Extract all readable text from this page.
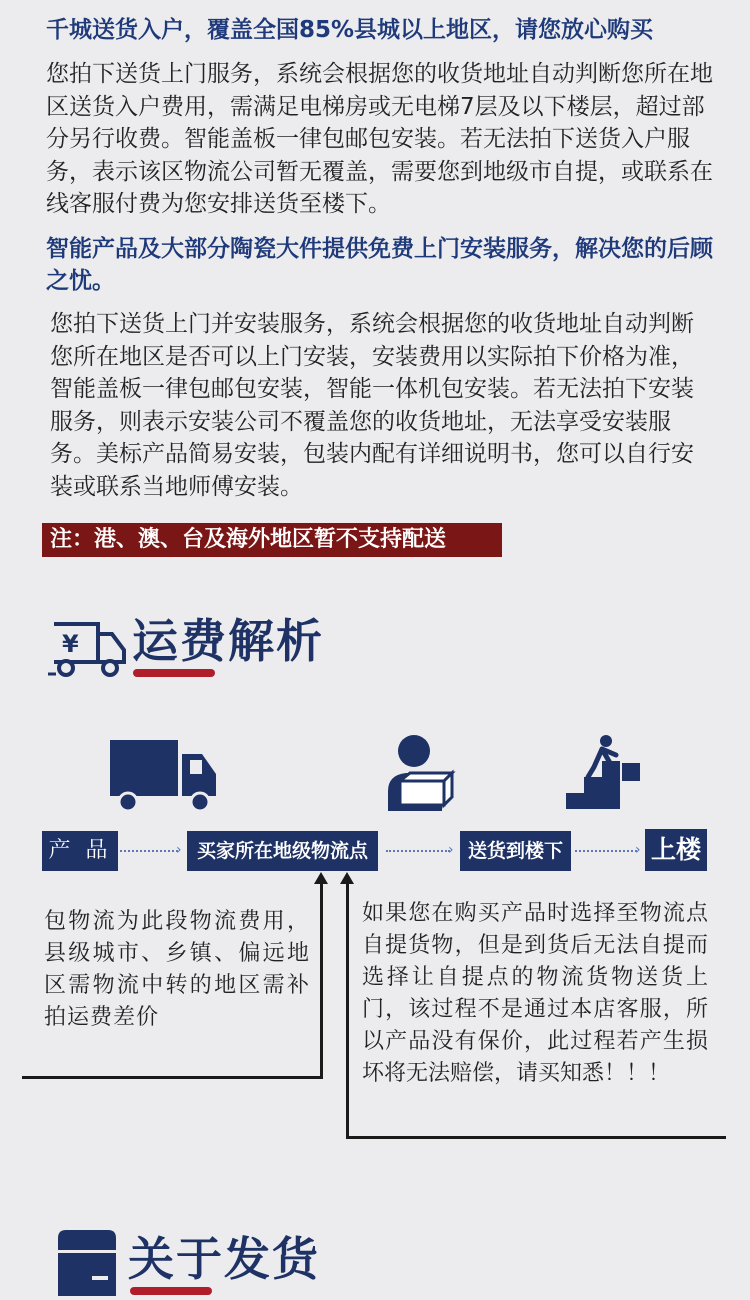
千城送货入户，覆盖全国85%县城以上地区，请您放心购买
您拍下送货上门服务，系统会根据您的收货地址自动判断您所在地区送货入户费用，需满足电梯房或无电梯7层及以下楼层，超过部分另行收费。智能盖板一律包邮包安装。若无法拍下送货入户服务，表示该区物流公司暂无覆盖，需要您到地级市自提，或联系在线客服付费为您安排送货至楼下。
智能产品及大部分陶瓷大件提供免费上门安装服务，解决您的后顾之忧。
您拍下送货上门并安装服务，系统会根据您的收货地址自动判断您所在地区是否可以上门安装，安装费用以实际拍下价格为准，智能盖板一律包邮包安装，智能一体机包安装。若无法拍下安装服务，则表示安装公司不覆盖您的收货地址，无法享受安装服务。美标产品简易安装，包装内配有详细说明书，您可以自行安装或联系当地师傅安装。
注：港、澳、台及海外地区暂不支持配送
¥ 运费解析
产 品	买家所在地级物流点	送货到楼下	上楼
›	›	›
包物流为此段物流费用，县级城市、乡镇、偏远地区需物流中转的地区需补拍运费差价
如果您在购买产品时选择至物流点自提货物，但是到货后无法自提而选择让自提点的物流货物送货上门，该过程不是通过本店客服，所以产品没有保价，此过程若产生损坏将无法赔偿，请买知悉！！！
关于发货
